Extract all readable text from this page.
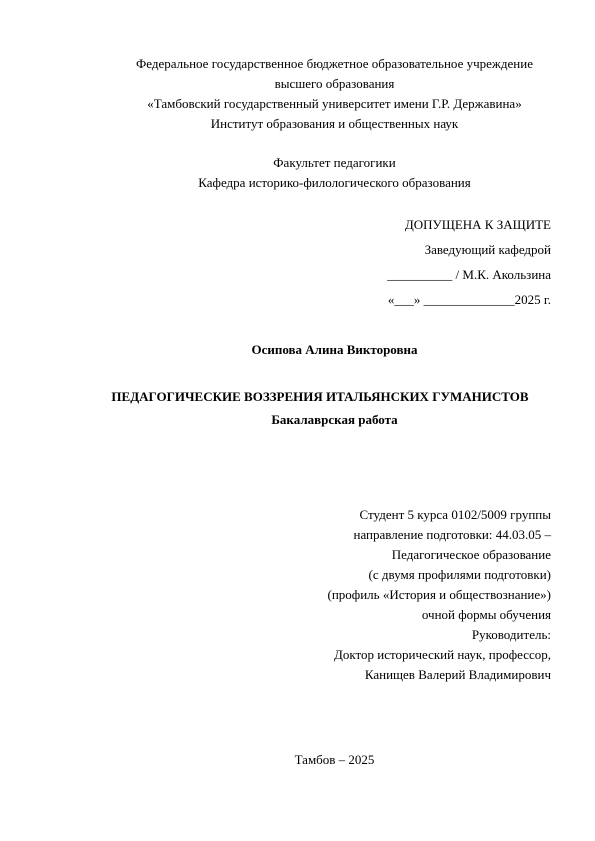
Федеральное государственное бюджетное образовательное учреждение
высшего образования
«Тамбовский государственный университет имени Г.Р. Державина»
Институт образования и общественных наук
Факультет педагогики
Кафедра историко-филологического образования
ДОПУЩЕНА К ЗАЩИТЕ
Заведующий кафедрой
__________ / М.К. Акользина
«___» ______________2025 г.
Осипова Алина Викторовна
ПЕДАГОГИЧЕСКИЕ ВОЗЗРЕНИЯ ИТАЛЬЯНСКИХ ГУМАНИСТОВ
Бакалаврская работа
Студент 5 курса 0102/5009 группы
направление подготовки: 44.03.05 –
Педагогическое образование
(с двумя профилями подготовки)
(профиль «История и обществознание»)
очной формы обучения
Руководитель:
Доктор исторический наук, профессор,
Канищев Валерий Владимирович
Тамбов – 2025
